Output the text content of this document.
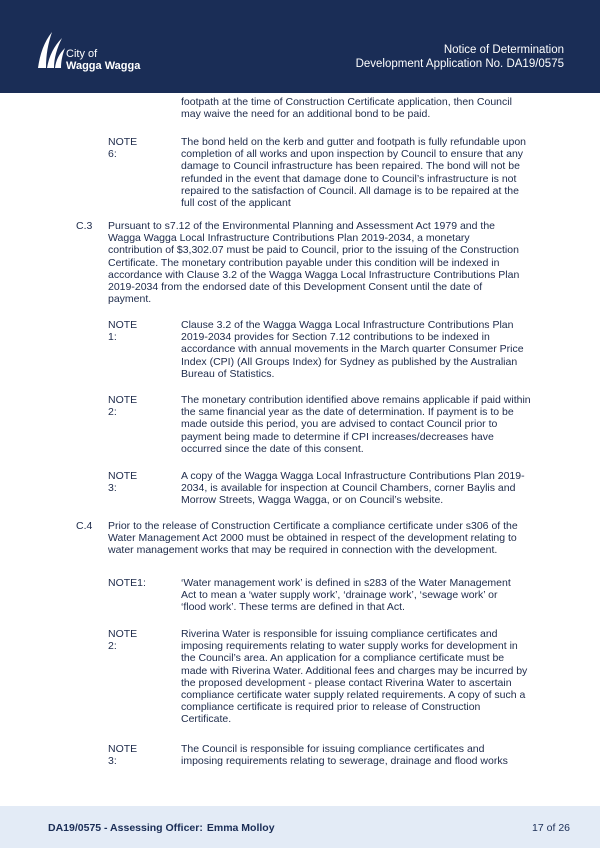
City of
Wagga Wagga
Notice of Determination
Development Application No. DA19/0575
footpath at the time of Construction Certificate application, then Council may waive the need for an additional bond to be paid.
NOTE 6:
The bond held on the kerb and gutter and footpath is fully refundable upon completion of all works and upon inspection by Council to ensure that any damage to Council infrastructure has been repaired. The bond will not be refunded in the event that damage done to Council’s infrastructure is not repaired to the satisfaction of Council. All damage is to be repaired at the full cost of the applicant
C.3 Pursuant to s7.12 of the Environmental Planning and Assessment Act 1979 and the Wagga Wagga Local Infrastructure Contributions Plan 2019-2034, a monetary contribution of $3,302.07 must be paid to Council, prior to the issuing of the Construction Certificate. The monetary contribution payable under this condition will be indexed in accordance with Clause 3.2 of the Wagga Wagga Local Infrastructure Contributions Plan 2019-2034 from the endorsed date of this Development Consent until the date of payment.
NOTE 1:
Clause 3.2 of the Wagga Wagga Local Infrastructure Contributions Plan 2019-2034 provides for Section 7.12 contributions to be indexed in accordance with annual movements in the March quarter Consumer Price Index (CPI) (All Groups Index) for Sydney as published by the Australian Bureau of Statistics.
NOTE 2:
The monetary contribution identified above remains applicable if paid within the same financial year as the date of determination. If payment is to be made outside this period, you are advised to contact Council prior to payment being made to determine if CPI increases/decreases have occurred since the date of this consent.
NOTE 3:
A copy of the Wagga Wagga Local Infrastructure Contributions Plan 2019-2034, is available for inspection at Council Chambers, corner Baylis and Morrow Streets, Wagga Wagga, or on Council’s website.
C.4 Prior to the release of Construction Certificate a compliance certificate under s306 of the Water Management Act 2000 must be obtained in respect of the development relating to water management works that may be required in connection with the development.
NOTE1:	‘Water management work’ is defined in s283 of the Water Management Act to mean a ‘water supply work’, ‘drainage work’, ‘sewage work’ or ‘flood work’. These terms are defined in that Act.
NOTE 2:
Riverina Water is responsible for issuing compliance certificates and imposing requirements relating to water supply works for development in the Council’s area. An application for a compliance certificate must be made with Riverina Water. Additional fees and charges may be incurred by the proposed development - please contact Riverina Water to ascertain compliance certificate water supply related requirements. A copy of such a compliance certificate is required prior to release of Construction Certificate.
NOTE 3:
The Council is responsible for issuing compliance certificates and imposing requirements relating to sewerage, drainage and flood works
DA19/0575 - Assessing Officer: Emma Molloy	17 of 26
